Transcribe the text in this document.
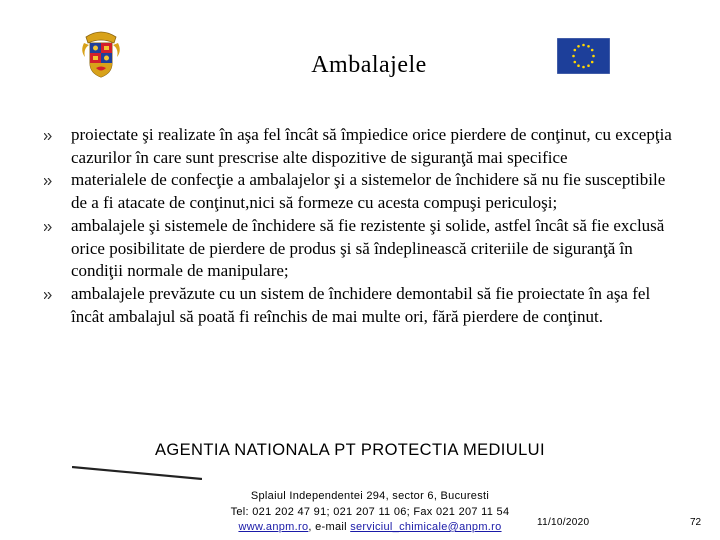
Ambalajele
proiectate şi realizate în aşa fel încât să împiedice orice pierdere de conţinut, cu excepţia cazurilor în care sunt prescrise alte dispozitive de siguranţă mai specifice
materialele de confecţie a ambalajelor şi a sistemelor de închidere să nu fie susceptibile de a fi atacate de conţinut,nici să formeze cu acesta compuşi periculoşi;
ambalajele şi sistemele de închidere să fie rezistente şi solide, astfel încât să fie exclusă orice posibilitate de pierdere de produs şi să îndeplinească criteriile de siguranţă în condiţii normale de manipulare;
ambalajele prevăzute cu un sistem de închidere demontabil să fie proiectate în aşa fel încât ambalajul să poată fi reînchis de mai multe ori, fără pierdere de conţinut.
AGENTIA NATIONALA PT PROTECTIA MEDIULUI
Splaiul Independentei 294, sector 6, Bucuresti
Tel: 021 202 47 91; 021 207 11 06; Fax 021 207 11 54
www.anpm.ro, e-mail serviciul_chimicale@anpm.ro	11/10/2020	72
